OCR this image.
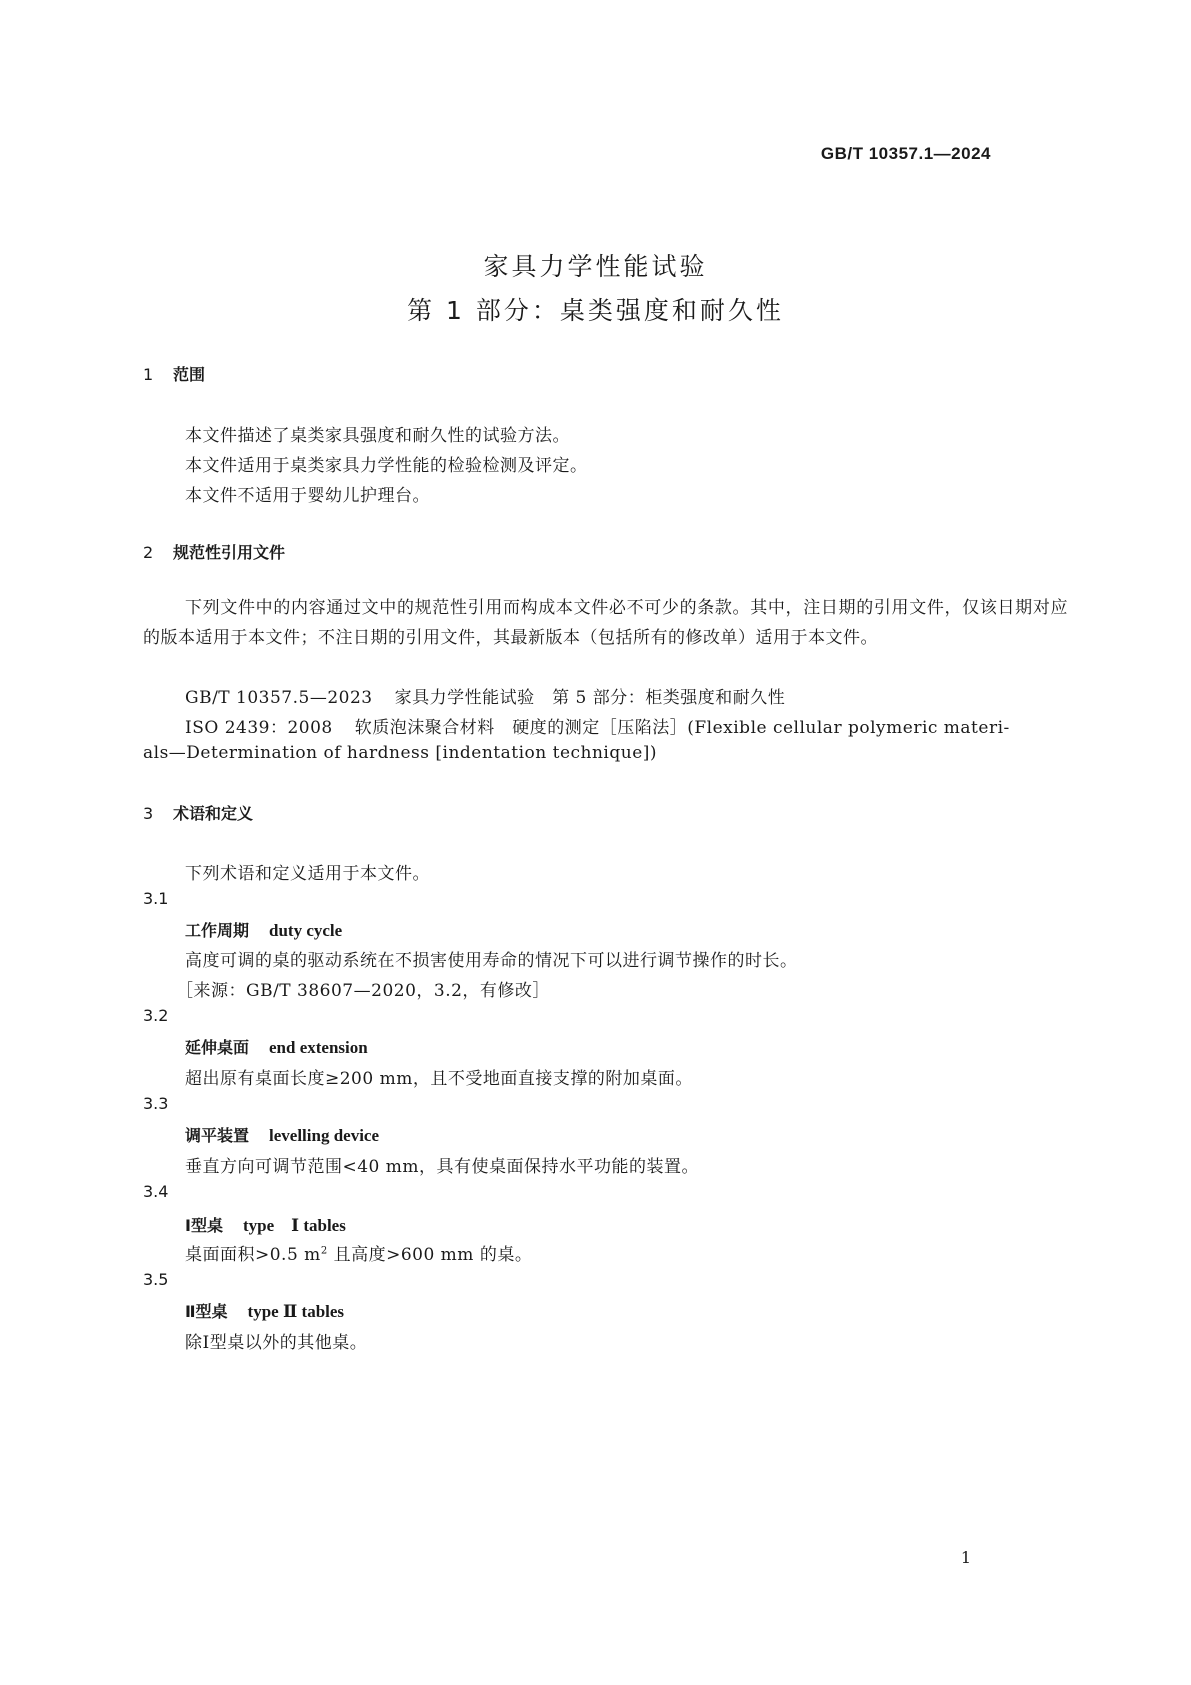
GB/T 10357.1—2024
家具力学性能试验
第 1 部分：桌类强度和耐久性
1 范围
本文件描述了桌类家具强度和耐久性的试验方法。
本文件适用于桌类家具力学性能的检验检测及评定。
本文件不适用于婴幼儿护理台。
2 规范性引用文件
下列文件中的内容通过文中的规范性引用而构成本文件必不可少的条款。其中，注日期的引用文件，仅该日期对应的版本适用于本文件；不注日期的引用文件，其最新版本（包括所有的修改单）适用于本文件。
GB/T 10357.5—2023 家具力学性能试验　第 5 部分：柜类强度和耐久性
ISO 2439：2008 软质泡沫聚合材料　硬度的测定［压陷法］(Flexible cellular polymeric materi-
als—Determination of hardness [indentation technique])
3 术语和定义
下列术语和定义适用于本文件。
3.1
工作周期 duty cycle
高度可调的桌的驱动系统在不损害使用寿命的情况下可以进行调节操作的时长。
［来源：GB/T 38607—2020，3.2，有修改］
3.2
延伸桌面 end extension
超出原有桌面长度≥200 mm，且不受地面直接支撑的附加桌面。
3.3
调平装置 levelling device
垂直方向可调节范围<40 mm，具有使桌面保持水平功能的装置。
3.4
Ⅰ型桌 type　Ⅰ tables
桌面面积>0.5 $m^2$ 且高度>600 mm 的桌。
3.5
Ⅱ型桌 type Ⅱ tables
除Ⅰ型桌以外的其他桌。
1
